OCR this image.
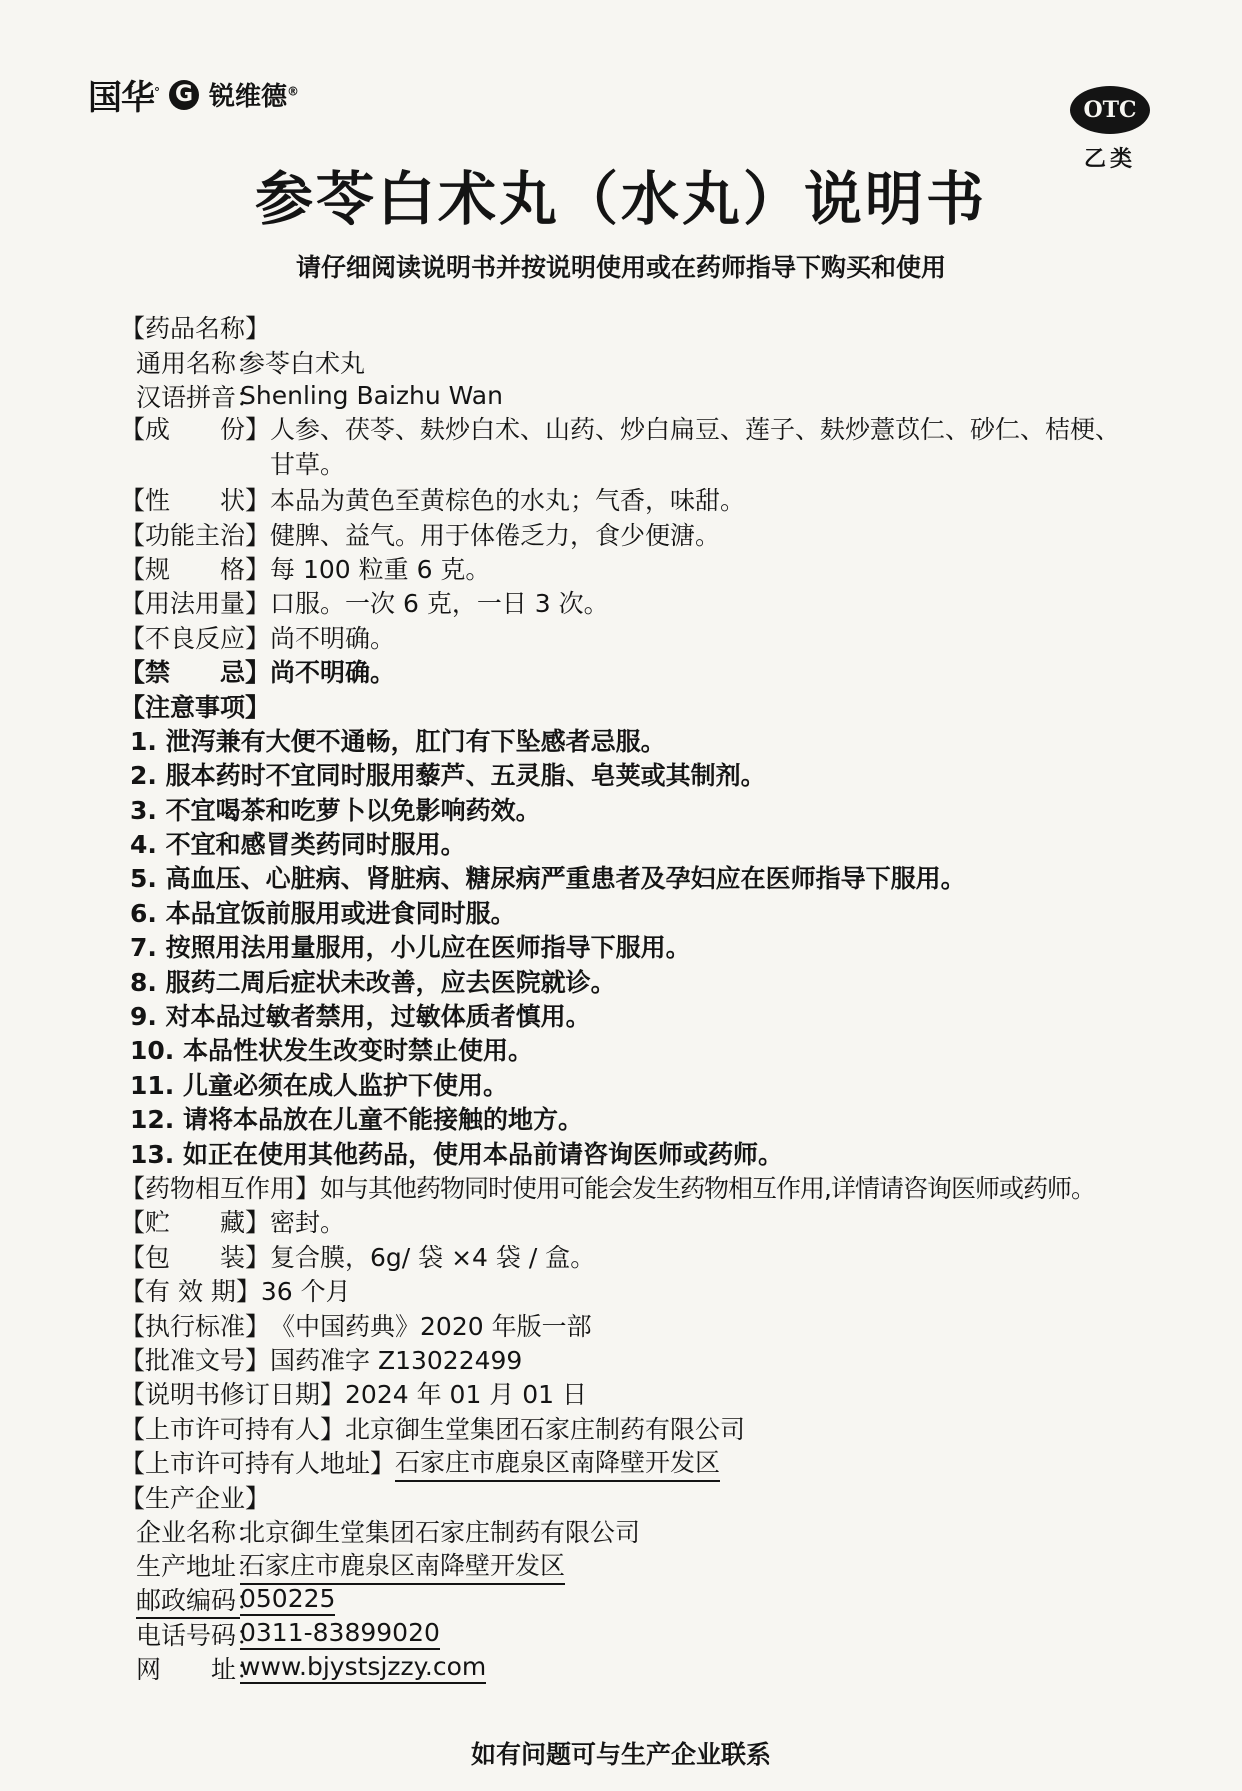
国华° G 锐维德®
OTC
乙类
参苓白术丸（水丸）说明书
请仔细阅读说明书并按说明使用或在药师指导下购买和使用
【药品名称】
通用名称：
参苓白术丸
汉语拼音：
Shenling Baizhu Wan
【成　　份】 人参、茯苓、麸炒白术、山药、炒白扁豆、莲子、麸炒薏苡仁、砂仁、桔梗、甘草。
【性　　状】 本品为黄色至黄棕色的水丸；气香，味甜。
【功能主治】 健脾、益气。用于体倦乏力，食少便溏。
【规　　格】 每 100 粒重 6 克。
【用法用量】 口服。一次 6 克，一日 3 次。
【不良反应】 尚不明确。
【禁　　忌】 尚不明确。
【注意事项】
1. 泄泻兼有大便不通畅，肛门有下坠感者忌服。
2. 服本药时不宜同时服用藜芦、五灵脂、皂荚或其制剂。
3. 不宜喝茶和吃萝卜以免影响药效。
4. 不宜和感冒类药同时服用。
5. 高血压、心脏病、肾脏病、糖尿病严重患者及孕妇应在医师指导下服用。
6. 本品宜饭前服用或进食同时服。
7. 按照用法用量服用，小儿应在医师指导下服用。
8. 服药二周后症状未改善，应去医院就诊。
9. 对本品过敏者禁用，过敏体质者慎用。
10. 本品性状发生改变时禁止使用。
11. 儿童必须在成人监护下使用。
12. 请将本品放在儿童不能接触的地方。
13. 如正在使用其他药品，使用本品前请咨询医师或药师。
【药物相互作用】 如与其他药物同时使用可能会发生药物相互作用,详情请咨询医师或药师。
【贮　　藏】 密封。
【包　　装】 复合膜，6g/ 袋 ×4 袋 / 盒。
【有 效 期】 36 个月
【执行标准】 《中国药典》2020 年版一部
【批准文号】 国药准字 Z13022499
【说明书修订日期】 2024 年 01 月 01 日
【上市许可持有人】 北京御生堂集团石家庄制药有限公司
【上市许可持有人地址】 石家庄市鹿泉区南降壁开发区
【生产企业】
企业名称：
北京御生堂集团石家庄制药有限公司
生产地址：
石家庄市鹿泉区南降壁开发区
邮政编码：
050225
电话号码：
0311-83899020
网　　址：
www.bjystsjzzy.com
如有问题可与生产企业联系
